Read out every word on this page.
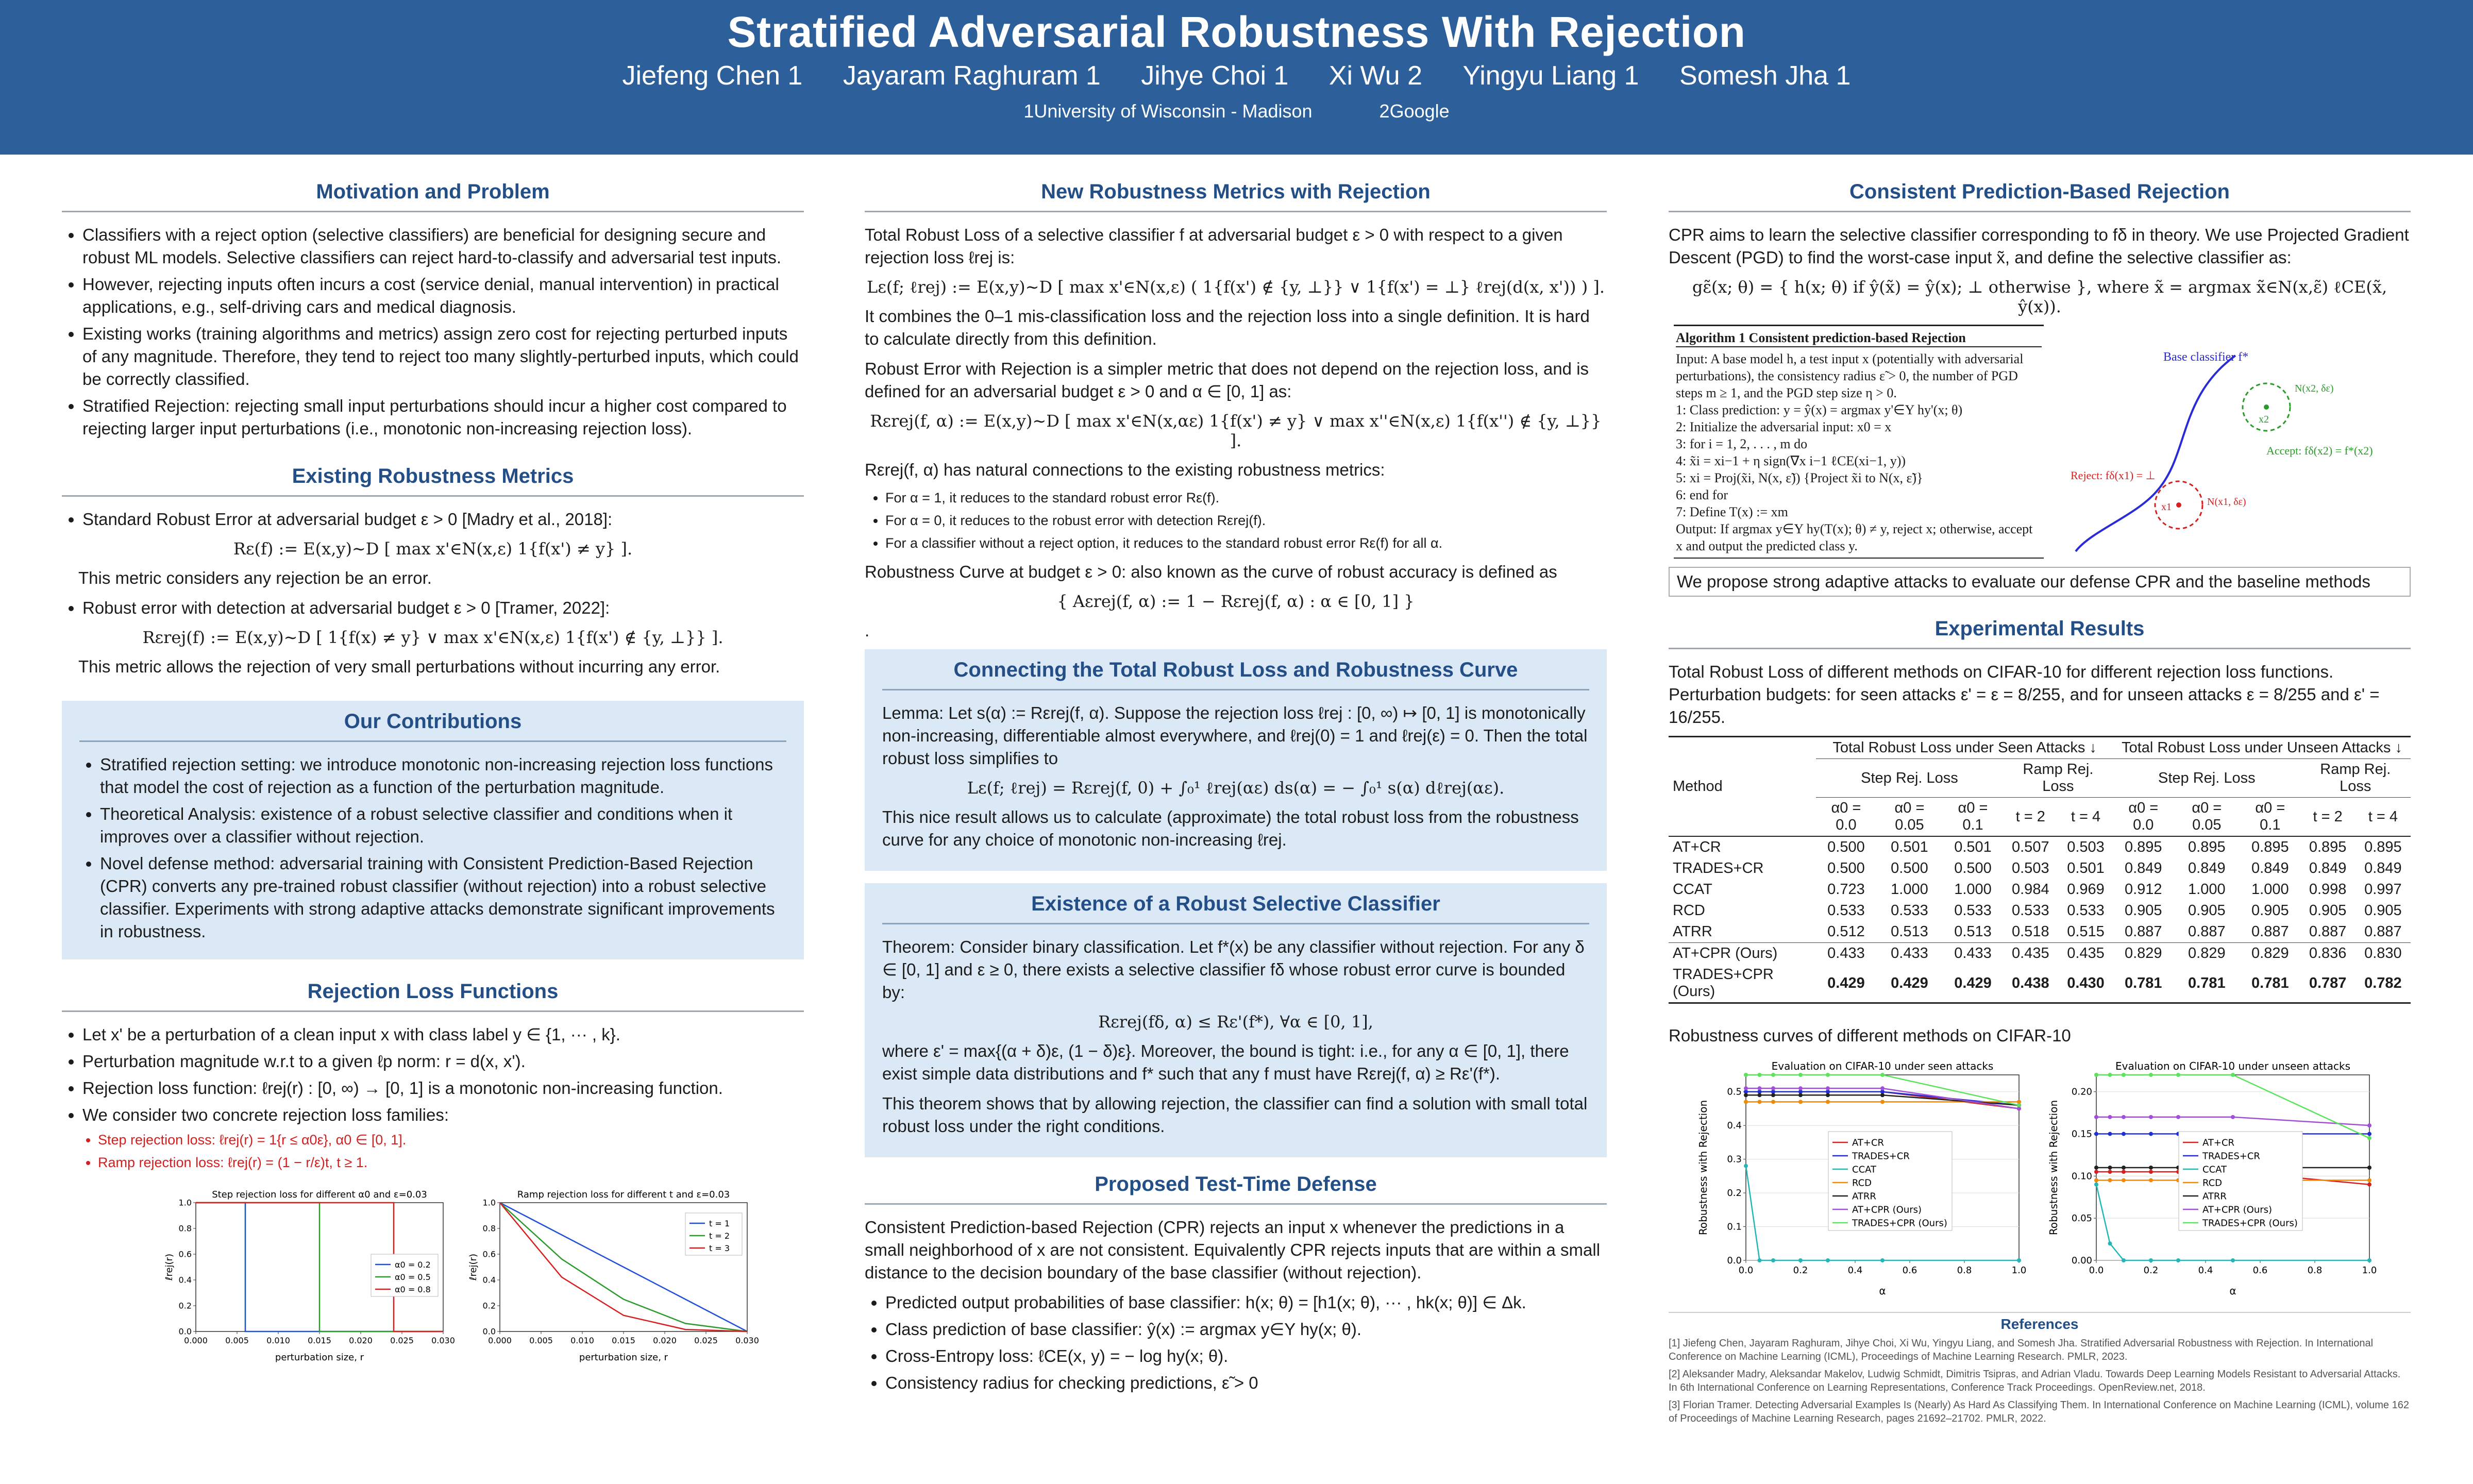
Stratified Adversarial Robustness With Rejection
Jiefeng Chen 1 Jayaram Raghuram 1 Jihye Choi 1 Xi Wu 2 Yingyu Liang 1 Somesh Jha 1
1University of Wisconsin - Madison	2Google
Motivation and Problem
• Classifiers with a reject option (selective classifiers) are beneficial for designing secure and robust ML models. Selective classifiers can reject hard-to-classify and adversarial test inputs.
• However, rejecting inputs often incurs a cost (service denial, manual intervention) in practical applications, e.g., self-driving cars and medical diagnosis.
• Existing works (training algorithms and metrics) assign zero cost for rejecting perturbed inputs of any magnitude. Therefore, they tend to reject too many slightly-perturbed inputs, which could be correctly classified.
• Stratified Rejection: rejecting small input perturbations should incur a higher cost compared to rejecting larger input perturbations (i.e., monotonic non-increasing rejection loss).
Existing Robustness Metrics
• Standard Robust Error at adversarial budget ε > 0 [Madry et al., 2018]:
Rε(f) := E(x,y)∼D [ max x'∈N(x,ε) 1{f(x') ≠ y} ].

This metric considers any rejection be an error.

• Robust error with detection at adversarial budget ε > 0 [Tramer, 2022]:
Rεrej(f) := E(x,y)∼D [ 1{f(x) ≠ y} ∨ max x'∈N(x,ε) 1{f(x') ∉ {y, ⊥}} ].

This metric allows the rejection of very small perturbations without incurring any error.

Our Contributions
• Stratified rejection setting: we introduce monotonic non-increasing rejection loss functions that model the cost of rejection as a function of the perturbation magnitude.
• Theoretical Analysis: existence of a robust selective classifier and conditions when it improves over a classifier without rejection.
• Novel defense method: adversarial training with Consistent Prediction-Based Rejection (CPR) converts any pre-trained robust classifier (without rejection) into a robust selective classifier. Experiments with strong adaptive attacks demonstrate significant improvements in robustness.
Rejection Loss Functions
• Let x' be a perturbation of a clean input x with class label y ∈ {1, ··· , k}.
• Perturbation magnitude w.r.t to a given ℓp norm: r = d(x, x').
• Rejection loss function: ℓrej(r) : [0, ∞) → [0, 1] is a monotonic non-increasing function.
• We consider two concrete rejection loss families:
• Step rejection loss: ℓrej(r) = 1{r ≤ α0ε}, α0 ∈ [0, 1].
• Ramp rejection loss: ℓrej(r) = (1 − r/ε)t, t ≥ 1.
Step rejection loss for different α0 and ε=0.03
perturbation size, r
ℓrej(r)
0.000 0.005 0.010 0.015 0.020 0.025 0.030
0.0
0.2
0.4
0.6
0.8
1.0
α0 = 0.2
α0 = 0.5
α0 = 0.8
Ramp rejection loss for different t and ε=0.03
perturbation size, r
ℓrej(r)
0.000 0.005 0.010 0.015 0.020 0.025 0.030
0.0
0.2
0.4
0.6
0.8
1.0
t = 1
t = 2
t = 3
New Robustness Metrics with Rejection

Total Robust Loss of a selective classifier f at adversarial budget ε > 0 with respect to a given rejection loss ℓrej is:

Lε(f; ℓrej) := E(x,y)∼D [ max x'∈N(x,ε) ( 1{f(x') ∉ {y, ⊥}} ∨ 1{f(x') = ⊥} ℓrej(d(x, x')) ) ].

It combines the 0–1 mis-classification loss and the rejection loss into a single definition. It is hard to calculate directly from this definition.

Robust Error with Rejection is a simpler metric that does not depend on the rejection loss, and is defined for an adversarial budget ε > 0 and α ∈ [0, 1] as:

Rεrej(f, α) := E(x,y)∼D [ max x'∈N(x,αε) 1{f(x') ≠ y} ∨ max x''∈N(x,ε) 1{f(x'') ∉ {y, ⊥}} ].

Rεrej(f, α) has natural connections to the existing robustness metrics:

• For α = 1, it reduces to the standard robust error Rε(f).
• For α = 0, it reduces to the robust error with detection Rεrej(f).
• For a classifier without a reject option, it reduces to the standard robust error Rε(f) for all α.

Robustness Curve at budget ε > 0: also known as the curve of robust accuracy is defined as

{ Aεrej(f, α) := 1 − Rεrej(f, α) : α ∈ [0, 1] }

.

Connecting the Total Robust Loss and Robustness Curve

Lemma: Let s(α) := Rεrej(f, α). Suppose the rejection loss ℓrej : [0, ∞) ↦ [0, 1] is monotonically non-increasing, differentiable almost everywhere, and ℓrej(0) = 1 and ℓrej(ε) = 0. Then the total robust loss simplifies to

Lε(f; ℓrej) = Rεrej(f, 0) + ∫₀¹ ℓrej(αε) ds(α) = − ∫₀¹ s(α) dℓrej(αε).

This nice result allows us to calculate (approximate) the total robust loss from the robustness curve for any choice of monotonic non-increasing ℓrej.

Existence of a Robust Selective Classifier

Theorem: Consider binary classification. Let f*(x) be any classifier without rejection. For any δ ∈ [0, 1] and ε ≥ 0, there exists a selective classifier fδ whose robust error curve is bounded by:

Rεrej(fδ, α) ≤ Rε'(f*), ∀α ∈ [0, 1],

where ε' = max{(α + δ)ε, (1 − δ)ε}. Moreover, the bound is tight: i.e., for any α ∈ [0, 1], there exist simple data distributions and f* such that any f must have Rεrej(f, α) ≥ Rε'(f*).

This theorem shows that by allowing rejection, the classifier can find a solution with small total robust loss under the right conditions.

Proposed Test-Time Defense

Consistent Prediction-based Rejection (CPR) rejects an input x whenever the predictions in a small neighborhood of x are not consistent. Equivalently CPR rejects inputs that are within a small distance to the decision boundary of the base classifier (without rejection).

• Predicted output probabilities of base classifier: h(x; θ) = [h1(x; θ), ··· , hk(x; θ)] ∈ Δk.
• Class prediction of base classifier: ŷ(x) := argmax y∈Y hy(x; θ).
• Cross-Entropy loss: ℓCE(x, y) = − log hy(x; θ).
• Consistency radius for checking predictions, ε̃ > 0
Consistent Prediction-Based Rejection

CPR aims to learn the selective classifier corresponding to fδ in theory. We use Projected Gradient Descent (PGD) to find the worst-case input x̃, and define the selective classifier as:

gε̃(x; θ) = { h(x; θ) if ŷ(x̃) = ŷ(x); ⊥ otherwise }, where x̃ = argmax x̃∈N(x,ε̃) ℓCE(x̃, ŷ(x)).
Algorithm 1 Consistent prediction-based Rejection
Input: A base model h, a test input x (potentially with adversarial perturbations), the consistency radius ε̃ > 0, the number of PGD steps m ≥ 1, and the PGD step size η > 0.
1: Class prediction: y = ŷ(x) = argmax y'∈Y hy'(x; θ)
2: Initialize the adversarial input: x0 = x
3: for i = 1, 2, . . . , m do
4: x̃i = xi−1 + η sign(∇x i−1 ℓCE(xi−1, y))
5: xi = Proj(x̃i, N(x, ε̃)) {Project x̃i to N(x, ε̃)}
6: end for
7: Define T(x) := xm
Output: If argmax y∈Y hy(T(x); θ) ≠ y, reject x; otherwise, accept x and output the predicted class y.
Base classifier f*
x2
N(x2, δε)
Accept: fδ(x2) = f*(x2)
x1
Reject: fδ(x1) = ⊥
N(x1, δε)
We propose strong adaptive attacks to evaluate our defense CPR and the baseline methods
Experimental Results

Total Robust Loss of different methods on CIFAR-10 for different rejection loss functions. Perturbation budgets: for seen attacks ε' = ε = 8/255, and for unseen attacks ε = 8/255 and ε' = 16/255.

Method	Total Robust Loss under Seen Attacks ↓					Total Robust Loss under Unseen Attacks ↓				
	Step Rej. Loss			Ramp Rej. Loss		Step Rej. Loss			Ramp Rej. Loss	
	α0 = 0.0	α0 = 0.05	α0 = 0.1	t = 2	t = 4	α0 = 0.0	α0 = 0.05	α0 = 0.1	t = 2	t = 4
AT+CR	0.500	0.501	0.501	0.507	0.503	0.895	0.895	0.895	0.895	0.895
TRADES+CR	0.500	0.500	0.500	0.503	0.501	0.849	0.849	0.849	0.849	0.849
CCAT	0.723	1.000	1.000	0.984	0.969	0.912	1.000	1.000	0.998	0.997
RCD	0.533	0.533	0.533	0.533	0.533	0.905	0.905	0.905	0.905	0.905
ATRR	0.512	0.513	0.513	0.518	0.515	0.887	0.887	0.887	0.887	0.887
AT+CPR (Ours)	0.433	0.433	0.433	0.435	0.435	0.829	0.829	0.829	0.836	0.830
TRADES+CPR (Ours)	0.429	0.429	0.429	0.438	0.430	0.781	0.781	0.781	0.787	0.782

Robustness curves of different methods on CIFAR-10

Evaluation on CIFAR-10 under seen attacks
α
Robustness with Rejection
0.0	0.2	0.4	0.6	0.8	1.0
0.0
0.1
0.2
0.3
0.4
0.5
AT+CR
TRADES+CR
CCAT
RCD
ATRR
AT+CPR (Ours)
TRADES+CPR (Ours)
Evaluation on CIFAR-10 under unseen attacks
α
Robustness with Rejection
0.0	0.2	0.4	0.6	0.8	1.0
0.00
0.05
0.10
0.15
0.20
AT+CR
TRADES+CR
CCAT
RCD
ATRR
AT+CPR (Ours)
TRADES+CPR (Ours)
References
[1] Jiefeng Chen, Jayaram Raghuram, Jihye Choi, Xi Wu, Yingyu Liang, and Somesh Jha. Stratified Adversarial Robustness with Rejection. In International Conference on Machine Learning (ICML), Proceedings of Machine Learning Research. PMLR, 2023.
[2] Aleksander Madry, Aleksandar Makelov, Ludwig Schmidt, Dimitris Tsipras, and Adrian Vladu. Towards Deep Learning Models Resistant to Adversarial Attacks. In 6th International Conference on Learning Representations, Conference Track Proceedings. OpenReview.net, 2018.
[3] Florian Tramer. Detecting Adversarial Examples Is (Nearly) As Hard As Classifying Them. In International Conference on Machine Learning (ICML), volume 162 of Proceedings of Machine Learning Research, pages 21692–21702. PMLR, 2022.
